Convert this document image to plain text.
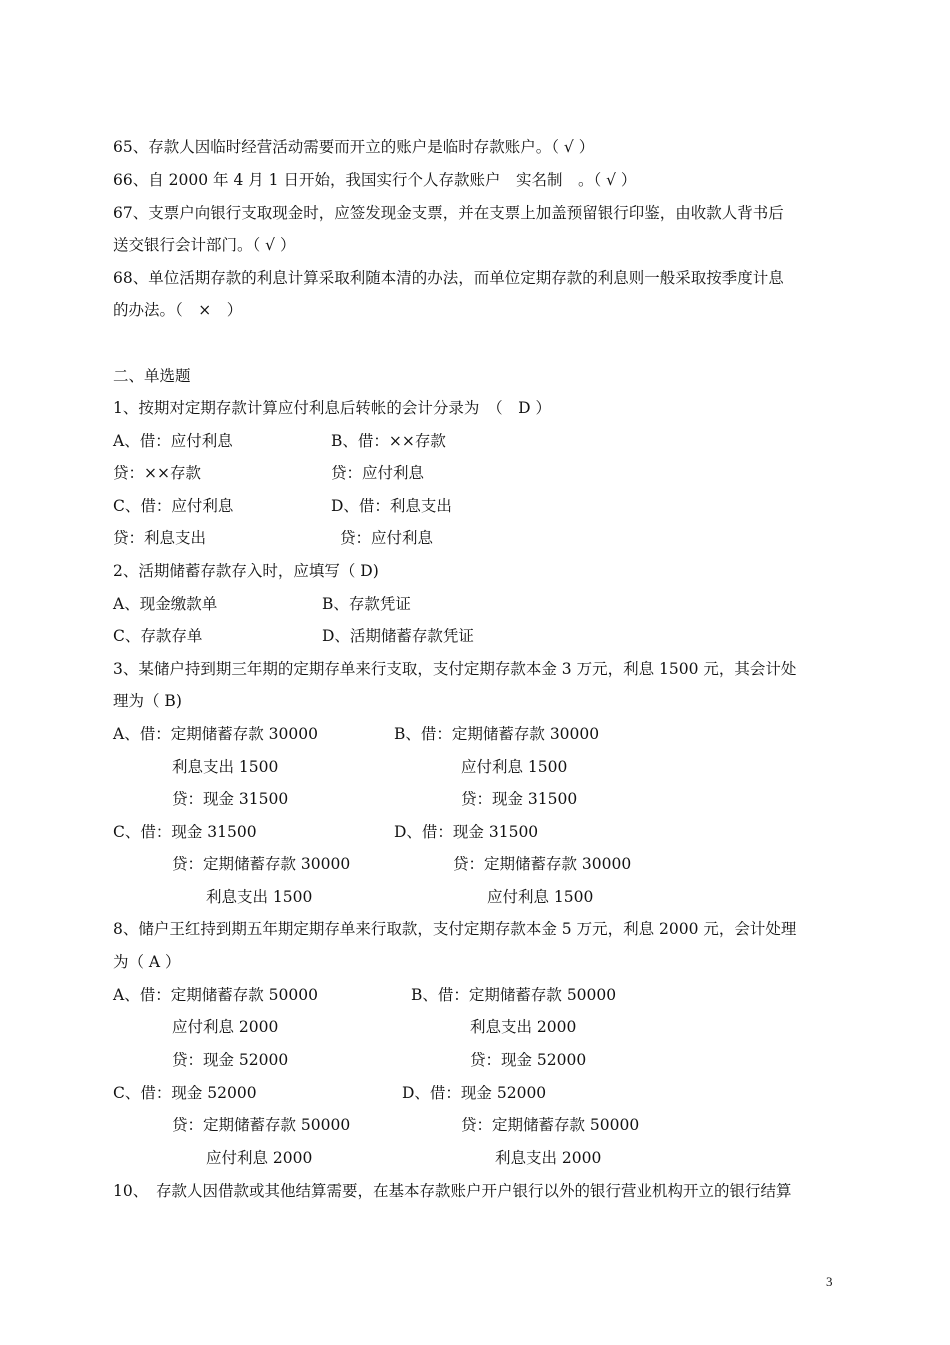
65、存款人因临时经营活动需要而开立的账户是临时存款账户。（ √ ）
66、自 2000 年 4 月 1 日开始，我国实行个人存款账户　实名制　。（ √ ）
67、支票户向银行支取现金时，应签发现金支票，并在支票上加盖预留银行印鉴，由收款人背书后
送交银行会计部门。（ √ ）
68、单位活期存款的利息计算采取利随本清的办法，而单位定期存款的利息则一般采取按季度计息
的办法。（　×　）
二、单选题
1、按期对定期存款计算应付利息后转帐的会计分录为　（　D ）
A、借：应付利息	B、借：××存款
贷：××存款	贷：应付利息
C、借：应付利息	D、借：利息支出
贷：利息支出	贷：应付利息
2、活期储蓄存款存入时，应填写（ D)
A、现金缴款单	B、存款凭证
C、存款存单	D、活期储蓄存款凭证
3、某储户持到期三年期的定期存单来行支取，支付定期存款本金 3 万元，利息 1500 元，其会计处
理为（ B)
A、借：定期储蓄存款 30000	B、借：定期储蓄存款 30000
利息支出 1500	应付利息 1500
贷：现金 31500	贷：现金 31500
C、借：现金 31500	D、借：现金 31500
贷：定期储蓄存款 30000	贷：定期储蓄存款 30000
利息支出 1500	应付利息 1500
8、储户王红持到期五年期定期存单来行取款，支付定期存款本金 5 万元，利息 2000 元，会计处理
为（ A ）
A、借：定期储蓄存款 50000	B、借：定期储蓄存款 50000
应付利息 2000	利息支出 2000
贷：现金 52000	贷：现金 52000
C、借：现金 52000	D、借：现金 52000
贷：定期储蓄存款 50000	贷：定期储蓄存款 50000
应付利息 2000	利息支出 2000
10、　存款人因借款或其他结算需要，在基本存款账户开户银行以外的银行营业机构开立的银行结算
3
